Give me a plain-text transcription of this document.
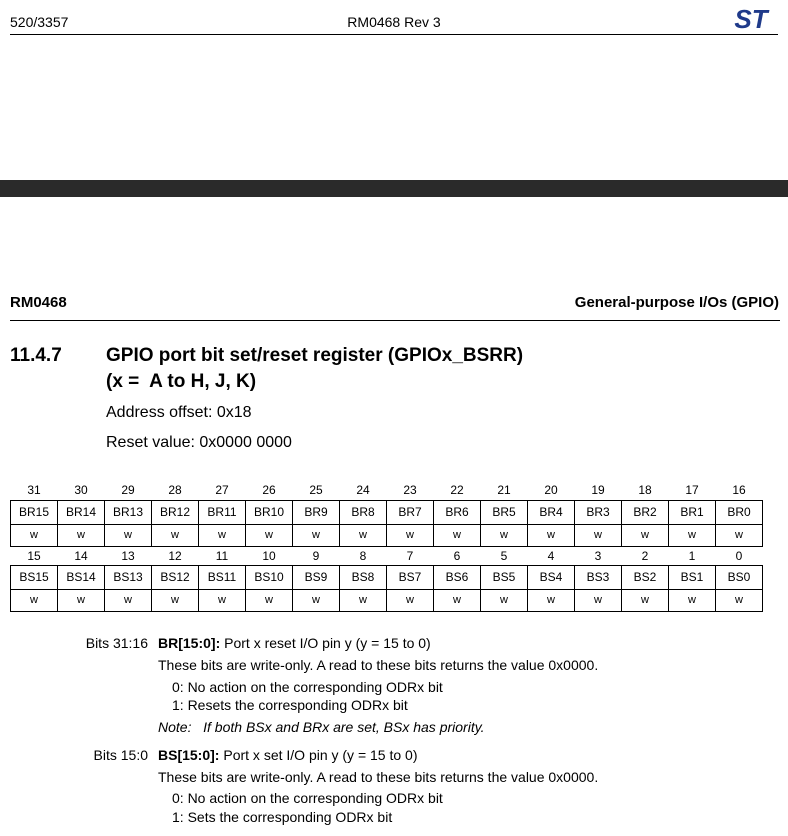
520/3357	RM0468 Rev 3	ST
RM0468	General-purpose I/Os (GPIO)
11.4.7 GPIO port bit set/reset register (GPIOx_BSRR)
(x =  A to H, J, K)
Address offset: 0x18
Reset value: 0x0000 0000
31	30	29	28	27	26	25	24	23	22	21	20	19	18	17	16
BR15	BR14	BR13	BR12	BR11	BR10	BR9	BR8	BR7	BR6	BR5	BR4	BR3	BR2	BR1	BR0
w	w	w	w	w	w	w	w	w	w	w	w	w	w	w	w
15	14	13	12	11	10	9	8	7	6	5	4	3	2	1	0
BS15	BS14	BS13	BS12	BS11	BS10	BS9	BS8	BS7	BS6	BS5	BS4	BS3	BS2	BS1	BS0
w	w	w	w	w	w	w	w	w	w	w	w	w	w	w	w
Bits 31:16 BR[15:0]: Port x reset I/O pin y (y = 15 to 0)
These bits are write-only. A read to these bits returns the value 0x0000.
0: No action on the corresponding ODRx bit
1: Resets the corresponding ODRx bit
Note:   If both BSx and BRx are set, BSx has priority.
Bits 15:0 BS[15:0]: Port x set I/O pin y (y = 15 to 0)
These bits are write-only. A read to these bits returns the value 0x0000.
0: No action on the corresponding ODRx bit
1: Sets the corresponding ODRx bit
